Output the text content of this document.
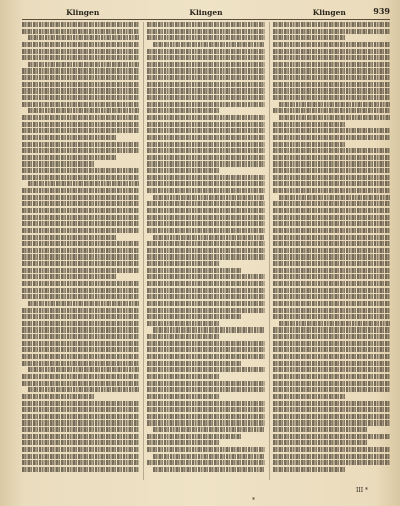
Klingen	Klingen	Klingen	939
III *
*
